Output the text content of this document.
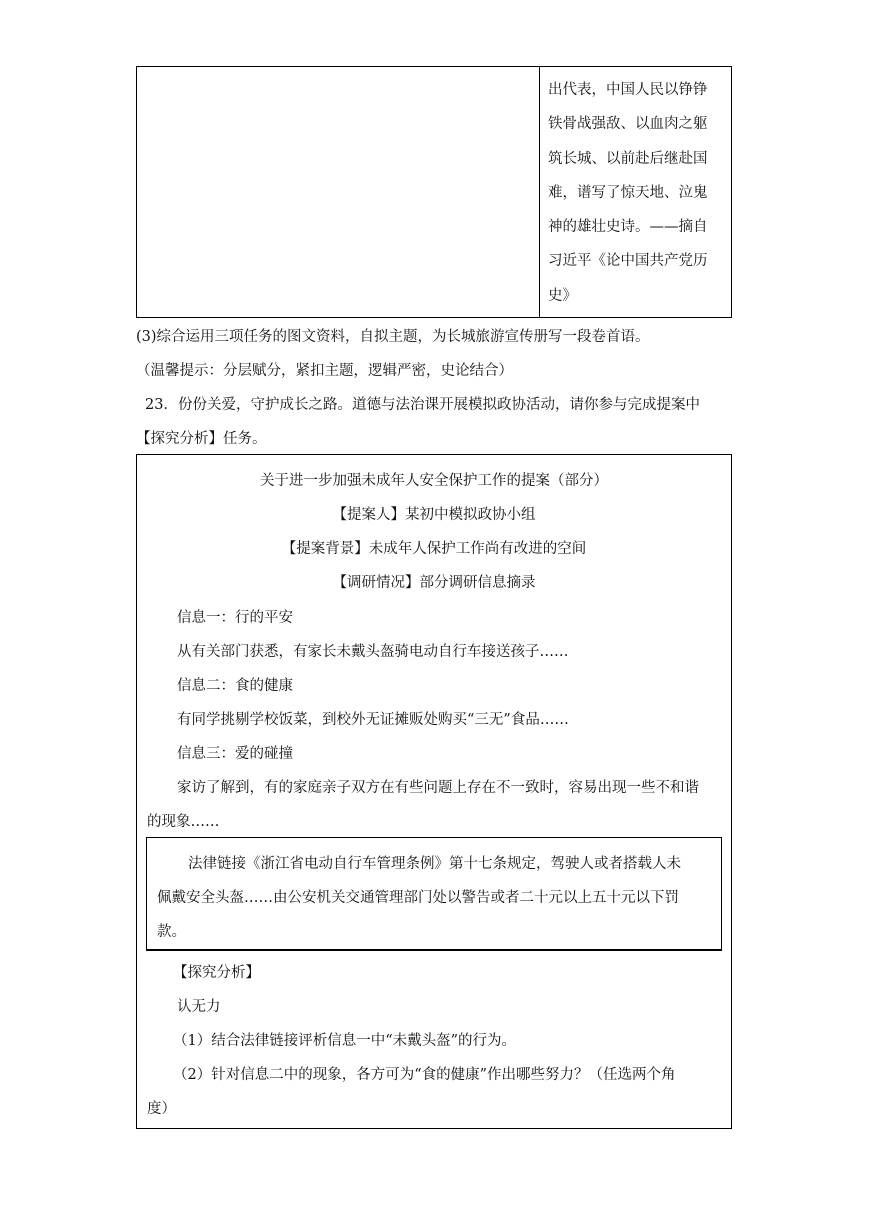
出代表，中国人民以铮铮
铁骨战强敌、以血肉之躯
筑长城、以前赴后继赴国
难，谱写了惊天地、泣鬼
神的雄壮史诗。——摘自
习近平《论中国共产党历
史》
(3)综合运用三项任务的图文资料，自拟主题，为长城旅游宣传册写一段卷首语。
（温馨提示：分层赋分，紧扣主题，逻辑严密，史论结合）
23．份份关爱，守护成长之路。道德与法治课开展模拟政协活动，请你参与完成提案中
【探究分析】任务。
关于进一步加强未成年人安全保护工作的提案（部分）
【提案人】某初中模拟政协小组
【提案背景】未成年人保护工作尚有改进的空间
【调研情况】部分调研信息摘录
信息一：行的平安
从有关部门获悉，有家长未戴头盔骑电动自行车接送孩子……
信息二：食的健康
有同学挑剔学校饭菜，到校外无证摊贩处购买“三无”食品……
信息三：爱的碰撞
家访了解到，有的家庭亲子双方在有些问题上存在不一致时，容易出现一些不和谐
的现象……
法律链接《浙江省电动自行车管理条例》第十七条规定，驾驶人或者搭载人未
佩戴安全头盔……由公安机关交通管理部门处以警告或者二十元以上五十元以下罚
款。
【探究分析】
认无力
（1）结合法律链接评析信息一中“未戴头盔”的行为。
（2）针对信息二中的现象，各方可为“食的健康”作出哪些努力？（任选两个角
度）
